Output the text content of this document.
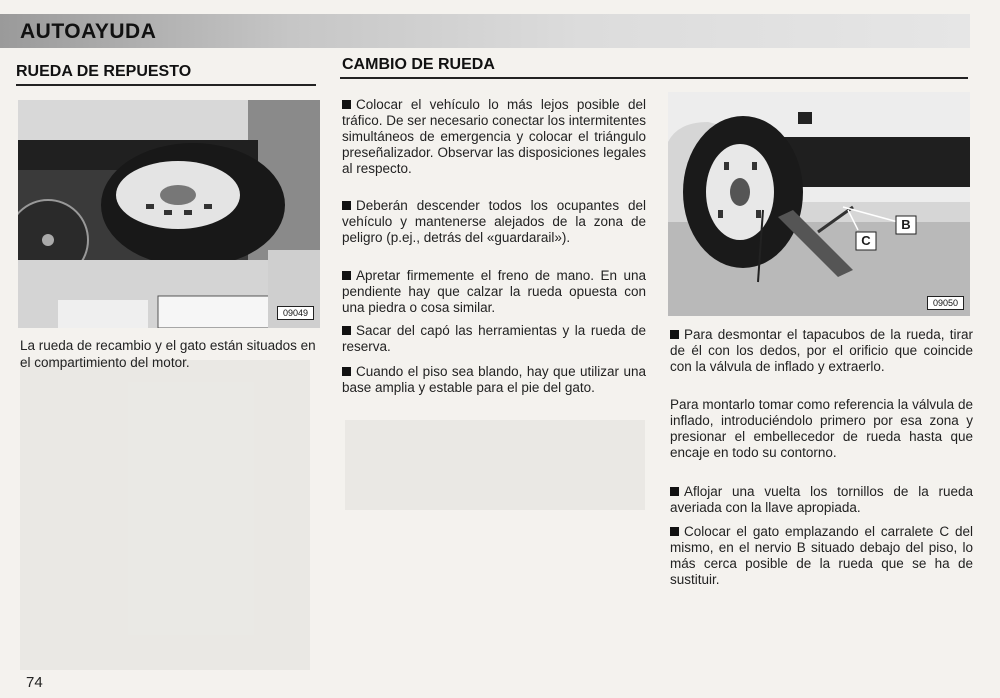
AUTOAYUDA
RUEDA DE REPUESTO
09049
La rueda de recambio y el gato están situados en el compartimiento del motor.
CAMBIO DE RUEDA
Colocar el vehículo lo más lejos posible del tráfico. De ser necesario conectar los intermitentes simultáneos de emergencia y colocar el triángulo preseñalizador. Observar las disposiciones legales al respecto.
Deberán descender todos los ocupantes del vehículo y mantenerse alejados de la zona de peligro (p.ej., detrás del «guardarail»).
Apretar firmemente el freno de mano. En una pendiente hay que calzar la rueda opuesta con una piedra o cosa similar.
Sacar del capó las herramientas y la rueda de reserva.
Cuando el piso sea blando, hay que utilizar una base amplia y estable para el pie del gato.
B
C
09050
Para desmontar el tapacubos de la rueda, tirar de él con los dedos, por el orificio que coincide con la válvula de inflado y extraerlo.
Para montarlo tomar como referencia la válvula de inflado, introduciéndolo primero por esa zona y presionar el embellecedor de rueda hasta que encaje en todo su contorno.
Aflojar una vuelta los tornillos de la rueda averiada con la llave apropiada.
Colocar el gato emplazando el carralete C del mismo, en el nervio B situado debajo del piso, lo más cerca posible de la rueda que se ha de sustituir.
74
